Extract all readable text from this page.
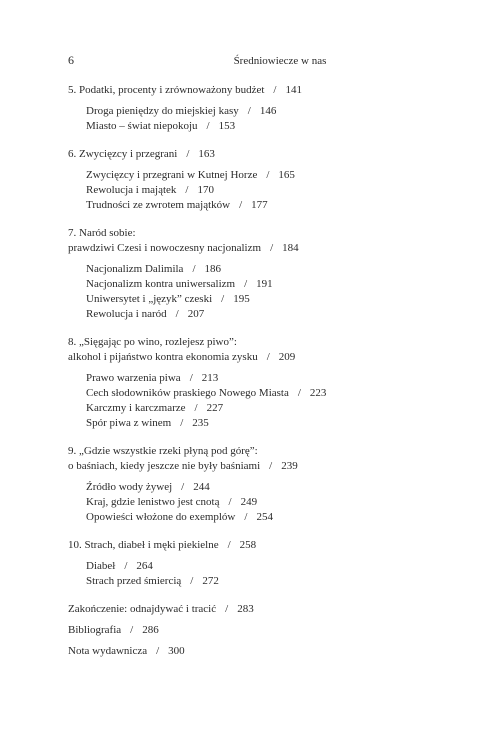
6	Średniowiecze w nas
5. Podatki, procenty i zrównoważony budżet / 141
Droga pieniędzy do miejskiej kasy / 146
Miasto – świat niepokoju / 153
6. Zwycięzcy i przegrani / 163
Zwycięzcy i przegrani w Kutnej Horze / 165
Rewolucja i majątek / 170
Trudności ze zwrotem majątków / 177
7. Naród sobie:
prawdziwi Czesi i nowoczesny nacjonalizm / 184
Nacjonalizm Dalimila / 186
Nacjonalizm kontra uniwersalizm / 191
Uniwersytet i „język” czeski / 195
Rewolucja i naród / 207
8. „Sięgając po wino, rozlejesz piwo”:
alkohol i pijaństwo kontra ekonomia zysku / 209
Prawo warzenia piwa / 213
Cech słodowników praskiego Nowego Miasta / 223
Karczmy i karczmarze / 227
Spór piwa z winem / 235
9. „Gdzie wszystkie rzeki płyną pod górę”:
o baśniach, kiedy jeszcze nie były baśniami / 239
Źródło wody żywej / 244
Kraj, gdzie lenistwo jest cnotą / 249
Opowieści włożone do exemplów / 254
10. Strach, diabeł i męki piekielne / 258
Diabeł / 264
Strach przed śmiercią / 272
Zakończenie: odnajdywać i tracić / 283
Bibliografia / 286
Nota wydawnicza / 300
